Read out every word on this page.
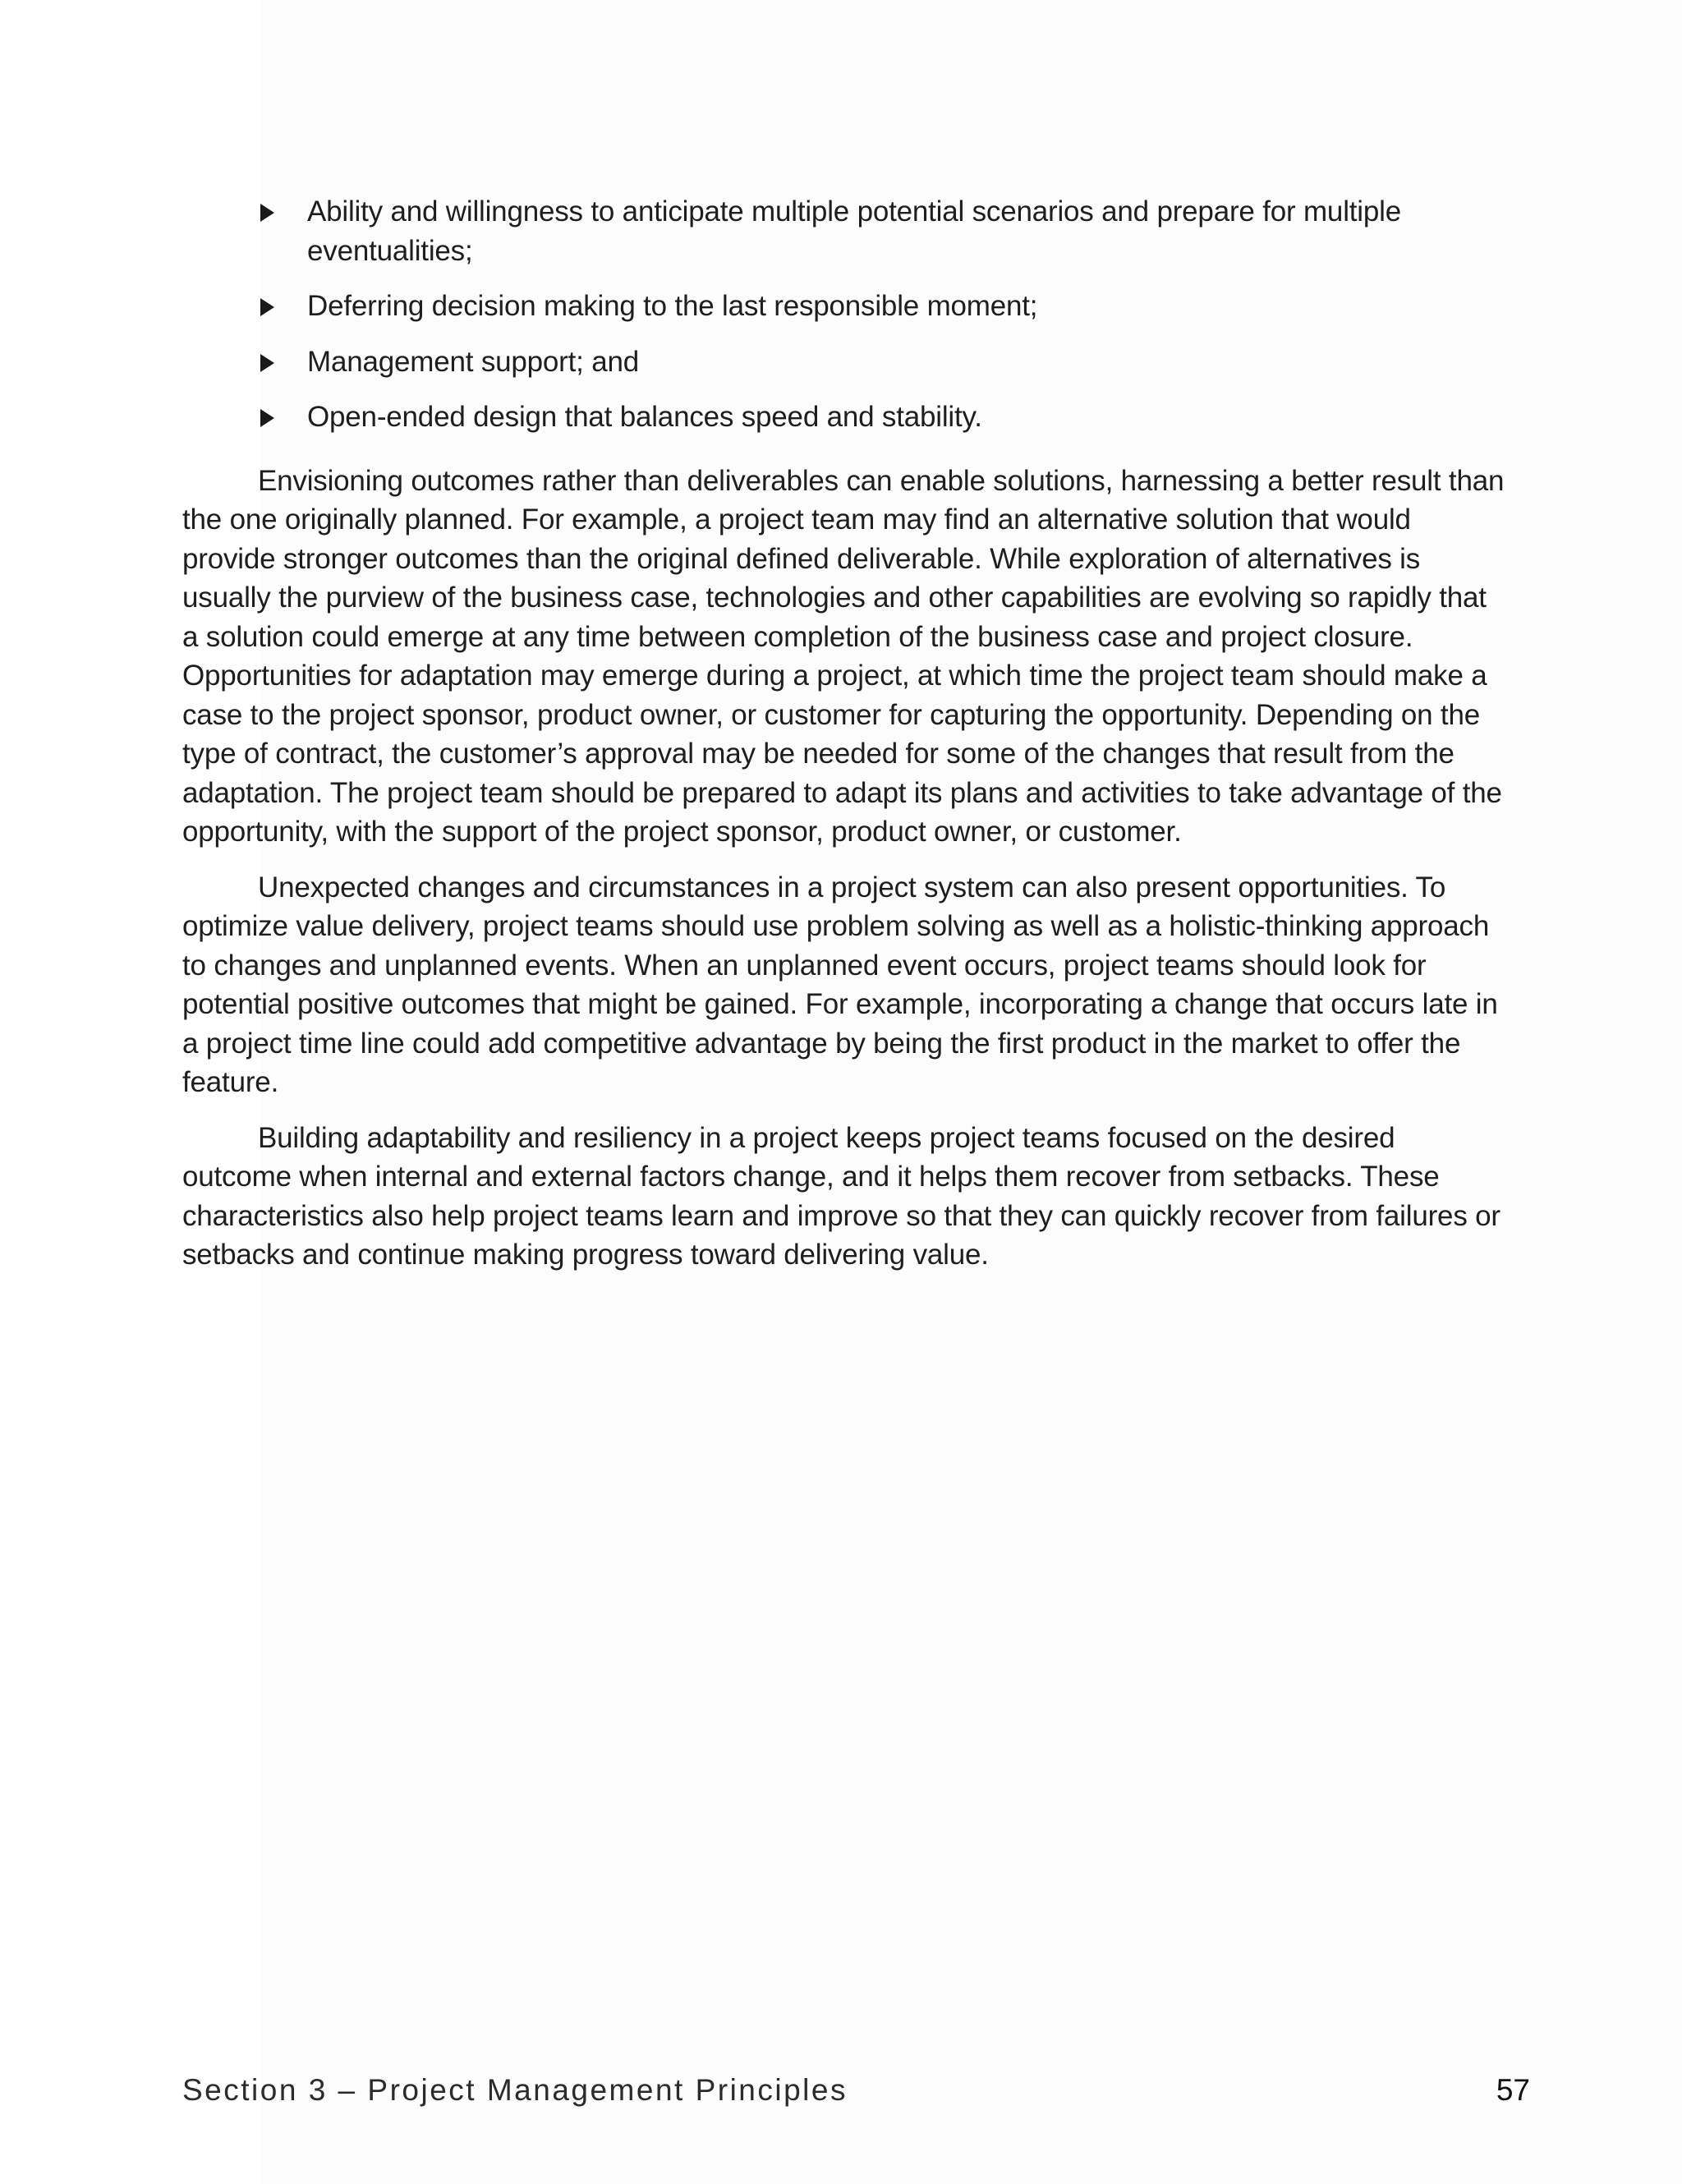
Ability and willingness to anticipate multiple potential scenarios and prepare for multiple eventualities;
Deferring decision making to the last responsible moment;
Management support; and
Open-ended design that balances speed and stability.

Envisioning outcomes rather than deliverables can enable solutions, harnessing a better result than the one originally planned. For example, a project team may find an alternative solution that would provide stronger outcomes than the original defined deliverable. While exploration of alternatives is usually the purview of the business case, technologies and other capabilities are evolving so rapidly that a solution could emerge at any time between completion of the business case and project closure. Opportunities for adaptation may emerge during a project, at which time the project team should make a case to the project sponsor, product owner, or customer for capturing the opportunity. Depending on the type of contract, the customer’s approval may be needed for some of the changes that result from the adaptation. The project team should be prepared to adapt its plans and activities to take advantage of the opportunity, with the support of the project sponsor, product owner, or customer.

Unexpected changes and circumstances in a project system can also present opportunities. To optimize value delivery, project teams should use problem solving as well as a holistic-thinking approach to changes and unplanned events. When an unplanned event occurs, project teams should look for potential positive outcomes that might be gained. For example, incorporating a change that occurs late in a project time line could add competitive advantage by being the first product in the market to offer the feature.

Building adaptability and resiliency in a project keeps project teams focused on the desired outcome when internal and external factors change, and it helps them recover from setbacks. These characteristics also help project teams learn and improve so that they can quickly recover from failures or setbacks and continue making progress toward delivering value.

Section 3 – Project Management Principles	57
